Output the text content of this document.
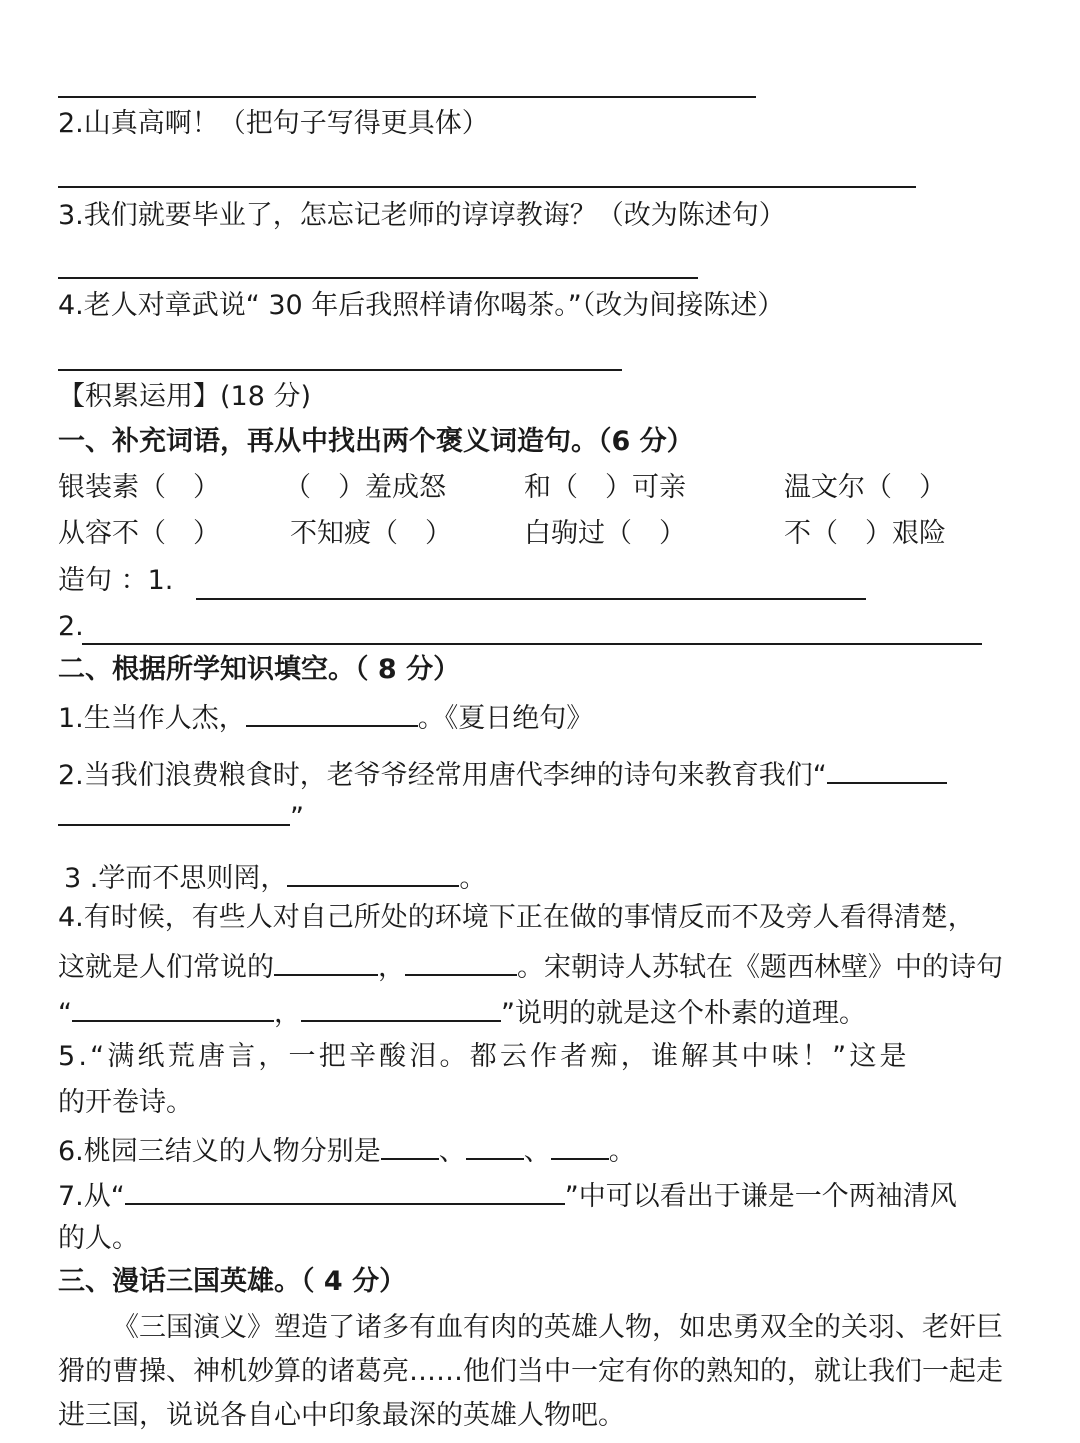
2.山真高啊！（把句子写得更具体）
3.我们就要毕业了，怎忘记老师的谆谆教诲？（改为陈述句）
4.老人对章武说“ 30 年后我照样请你喝茶。”（改为间接陈述）
【积累运用】(18 分)
一、补充词语，再从中找出两个褒义词造句。（6 分）
银装素（　） （　）羞成怒	和（　）可亲	温文尔（　）
从容不（　）	不知疲（　）	白驹过（　）	不（　）艰险
造句 ：1.
2.
二、根据所学知识填空。（ 8 分）
1.生当作人杰，	。《夏日绝句》
2.当我们浪费粮食时，老爷爷经常用唐代李绅的诗句来教育我们“
”
3 .学而不思则罔，	。
4.有时候，有些人对自己所处的环境下正在做的事情反而不及旁人看得清楚，
这就是人们常说的	，	。宋朝诗人苏轼在《题西林壁》中的诗句
“	，	”说明的就是这个朴素的道理。
5.“满纸荒唐言，一把辛酸泪。都云作者痴，谁解其中味！”这是
的开卷诗。
6.桃园三结义的人物分别是 、 、 。
7.从“	”中可以看出于谦是一个两袖清风
的人。
三、漫话三国英雄。（ 4 分）
《三国演义》塑造了诸多有血有肉的英雄人物，如忠勇双全的关羽、老奸巨猾的曹操、神机妙算的诸葛亮……他们当中一定有你的熟知的，就让我们一起走进三国，说说各自心中印象最深的英雄人物吧。
